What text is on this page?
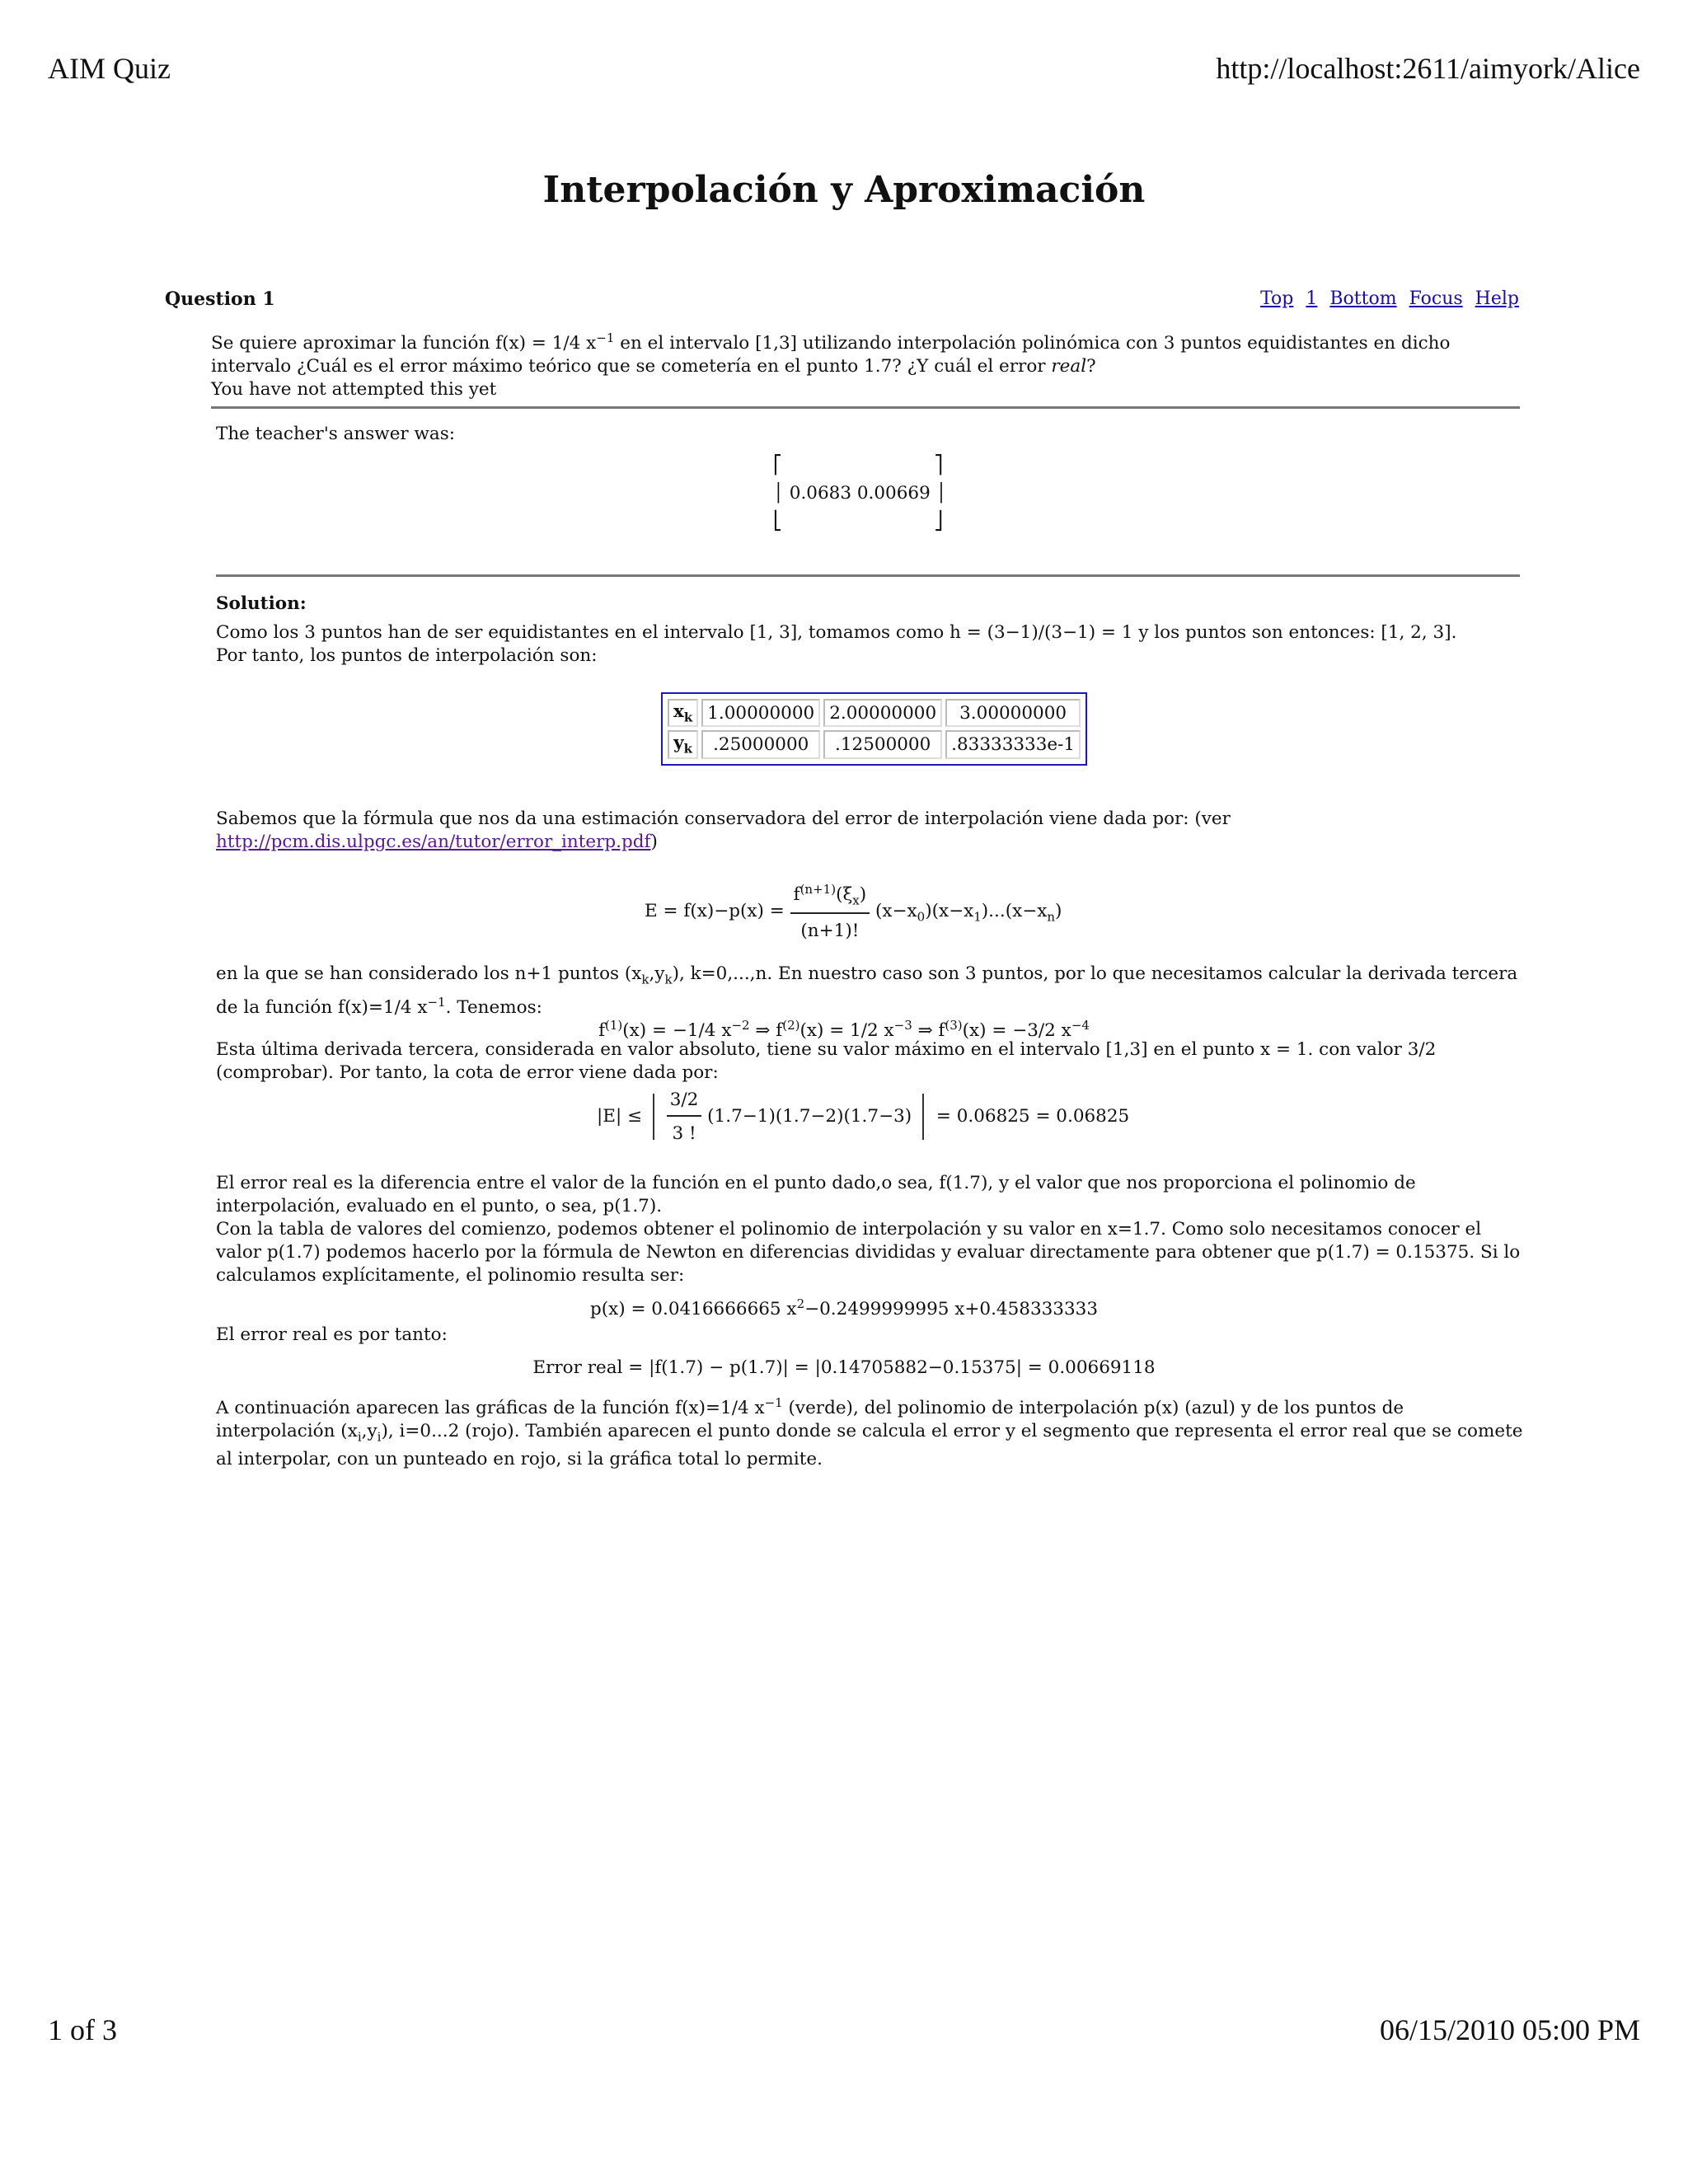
AIM Quiz	http://localhost:2611/aimyork/Alice
1 of 3	06/15/2010 05:00 PM
Interpolación y Aproximación
Question 1	Top 1 Bottom Focus Help
Se quiere aproximar la función f(x) = 1/4 $x^{-1}$ en el intervalo [1,3] utilizando interpolación polinómica con 3 puntos equidistantes en dicho intervalo ¿Cuál es el error máximo teórico que se cometería en el punto 1.7? ¿Y cuál el error real?
You have not attempted this yet
The teacher's answer was:
⎡                           ⎤
│ 0.0683 0.00669 │
⎣                           ⎦
Solution:
Como los 3 puntos han de ser equidistantes en el intervalo [1, 3], tomamos como h = (3−1)/(3−1) = 1 y los puntos son entonces: [1, 2, 3].
Por tanto, los puntos de interpolación son:
$x_k$	1.00000000	2.00000000	3.00000000
$y_k$	.25000000	.12500000	.83333333e-1
Sabemos que la fórmula que nos da una estimación conservadora del error de interpolación viene dada por: (ver http://pcm.dis.ulpgc.es/an/tutor/error_interp.pdf)
$E = f(x)-p(x) = \frac{f^{(n+1)}(\xi_x)}{(n+1)!} (x-x_0)(x-x_1)...(x-x_n)$
en la que se han considerado los n+1 puntos $(x_k,y_k)$, k=0,...,n. En nuestro caso son 3 puntos, por lo que necesitamos calcular la derivada tercera de la función f(x)=1/4 $x^{-1}$. Tenemos:
$f^{(1)}(x) = -1/4$ $x^{-2}$ ⇒ $f^{(2)}(x) = 1/2$ $x^{-3}$ ⇒ $f^{(3)}(x) = -3/2$ $x^{-4}$
Esta última derivada tercera, considerada en valor absoluto, tiene su valor máximo en el intervalo [1,3] en el punto x = 1. con valor 3/2 (comprobar). Por tanto, la cota de error viene dada por:
$|E| \le \frac{3/2}{3 !} (1.7-1)(1.7-2)(1.7-3) = 0.06825 = 0.06825$
El error real es la diferencia entre el valor de la función en el punto dado,o sea, f(1.7), y el valor que nos proporciona el polinomio de interpolación, evaluado en el punto, o sea, p(1.7).
Con la tabla de valores del comienzo, podemos obtener el polinomio de interpolación y su valor en x=1.7. Como solo necesitamos conocer el valor p(1.7) podemos hacerlo por la fórmula de Newton en diferencias divididas y evaluar directamente para obtener que p(1.7) = 0.15375. Si lo calculamos explícitamente, el polinomio resulta ser:
p(x) = 0.0416666665 $x^2-0.2499999995$ x+0.458333333
El error real es por tanto:
Error real = |f(1.7) − p(1.7)| = |0.14705882−0.15375| = 0.00669118
A continuación aparecen las gráficas de la función f(x)=1/4 $x^{-1}$ (verde), del polinomio de interpolación p(x) (azul) y de los puntos de interpolación $(x_i,y_i)$, i=0...2 (rojo). También aparecen el punto donde se calcula el error y el segmento que representa el error real que se comete al interpolar, con un punteado en rojo, si la gráfica total lo permite.
